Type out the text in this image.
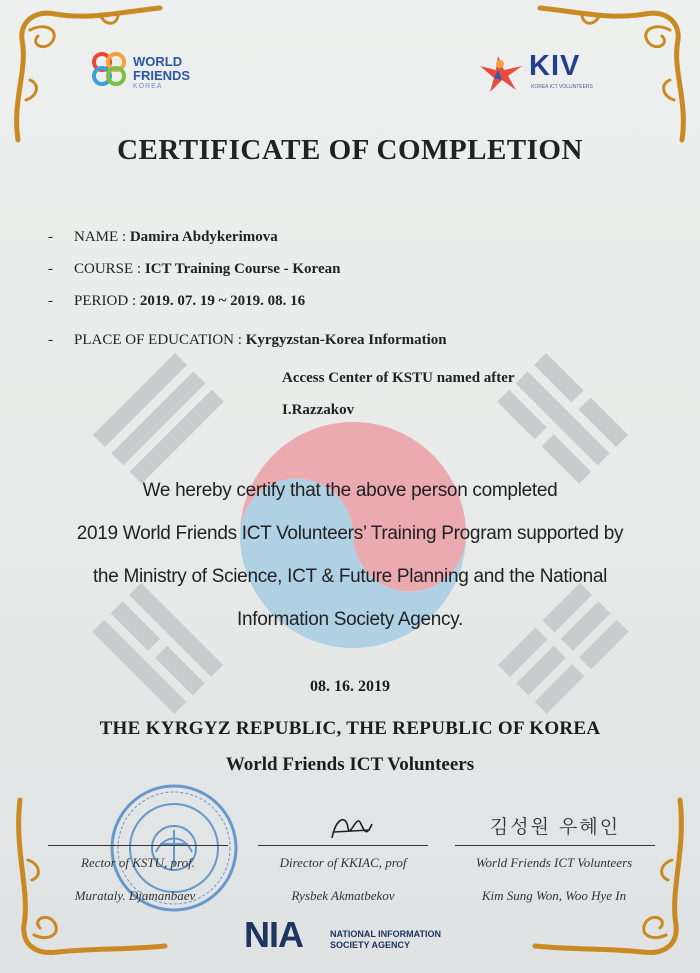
WORLD
FRIENDS
KOREA
KIV
KOREA ICT VOLUNTEERS
CERTIFICATE OF COMPLETION
- NAME : Damira Abdykerimova
- COURSE : ICT Training Course - Korean
- PERIOD : 2019. 07. 19 ~ 2019. 08. 16
- PLACE OF EDUCATION : Kyrgyzstan-Korea Information
Access Center of KSTU named after
I.Razzakov
We hereby certify that the above person completed
2019 World Friends ICT Volunteers’ Training Program supported by
the Ministry of Science, ICT & Future Planning and the National
Information Society Agency.
08. 16. 2019
THE KYRGYZ REPUBLIC, THE REPUBLIC OF KOREA
World Friends ICT Volunteers
김성원 우혜인
Rector of KSTU, prof.
Murataly. Djamanbaev
Director of KKIAC, prof
Rysbek Akmatbekov
World Friends ICT Volunteers
Kim Sung Won, Woo Hye In
NIA	NATIONAL INFORMATION
SOCIETY AGENCY
